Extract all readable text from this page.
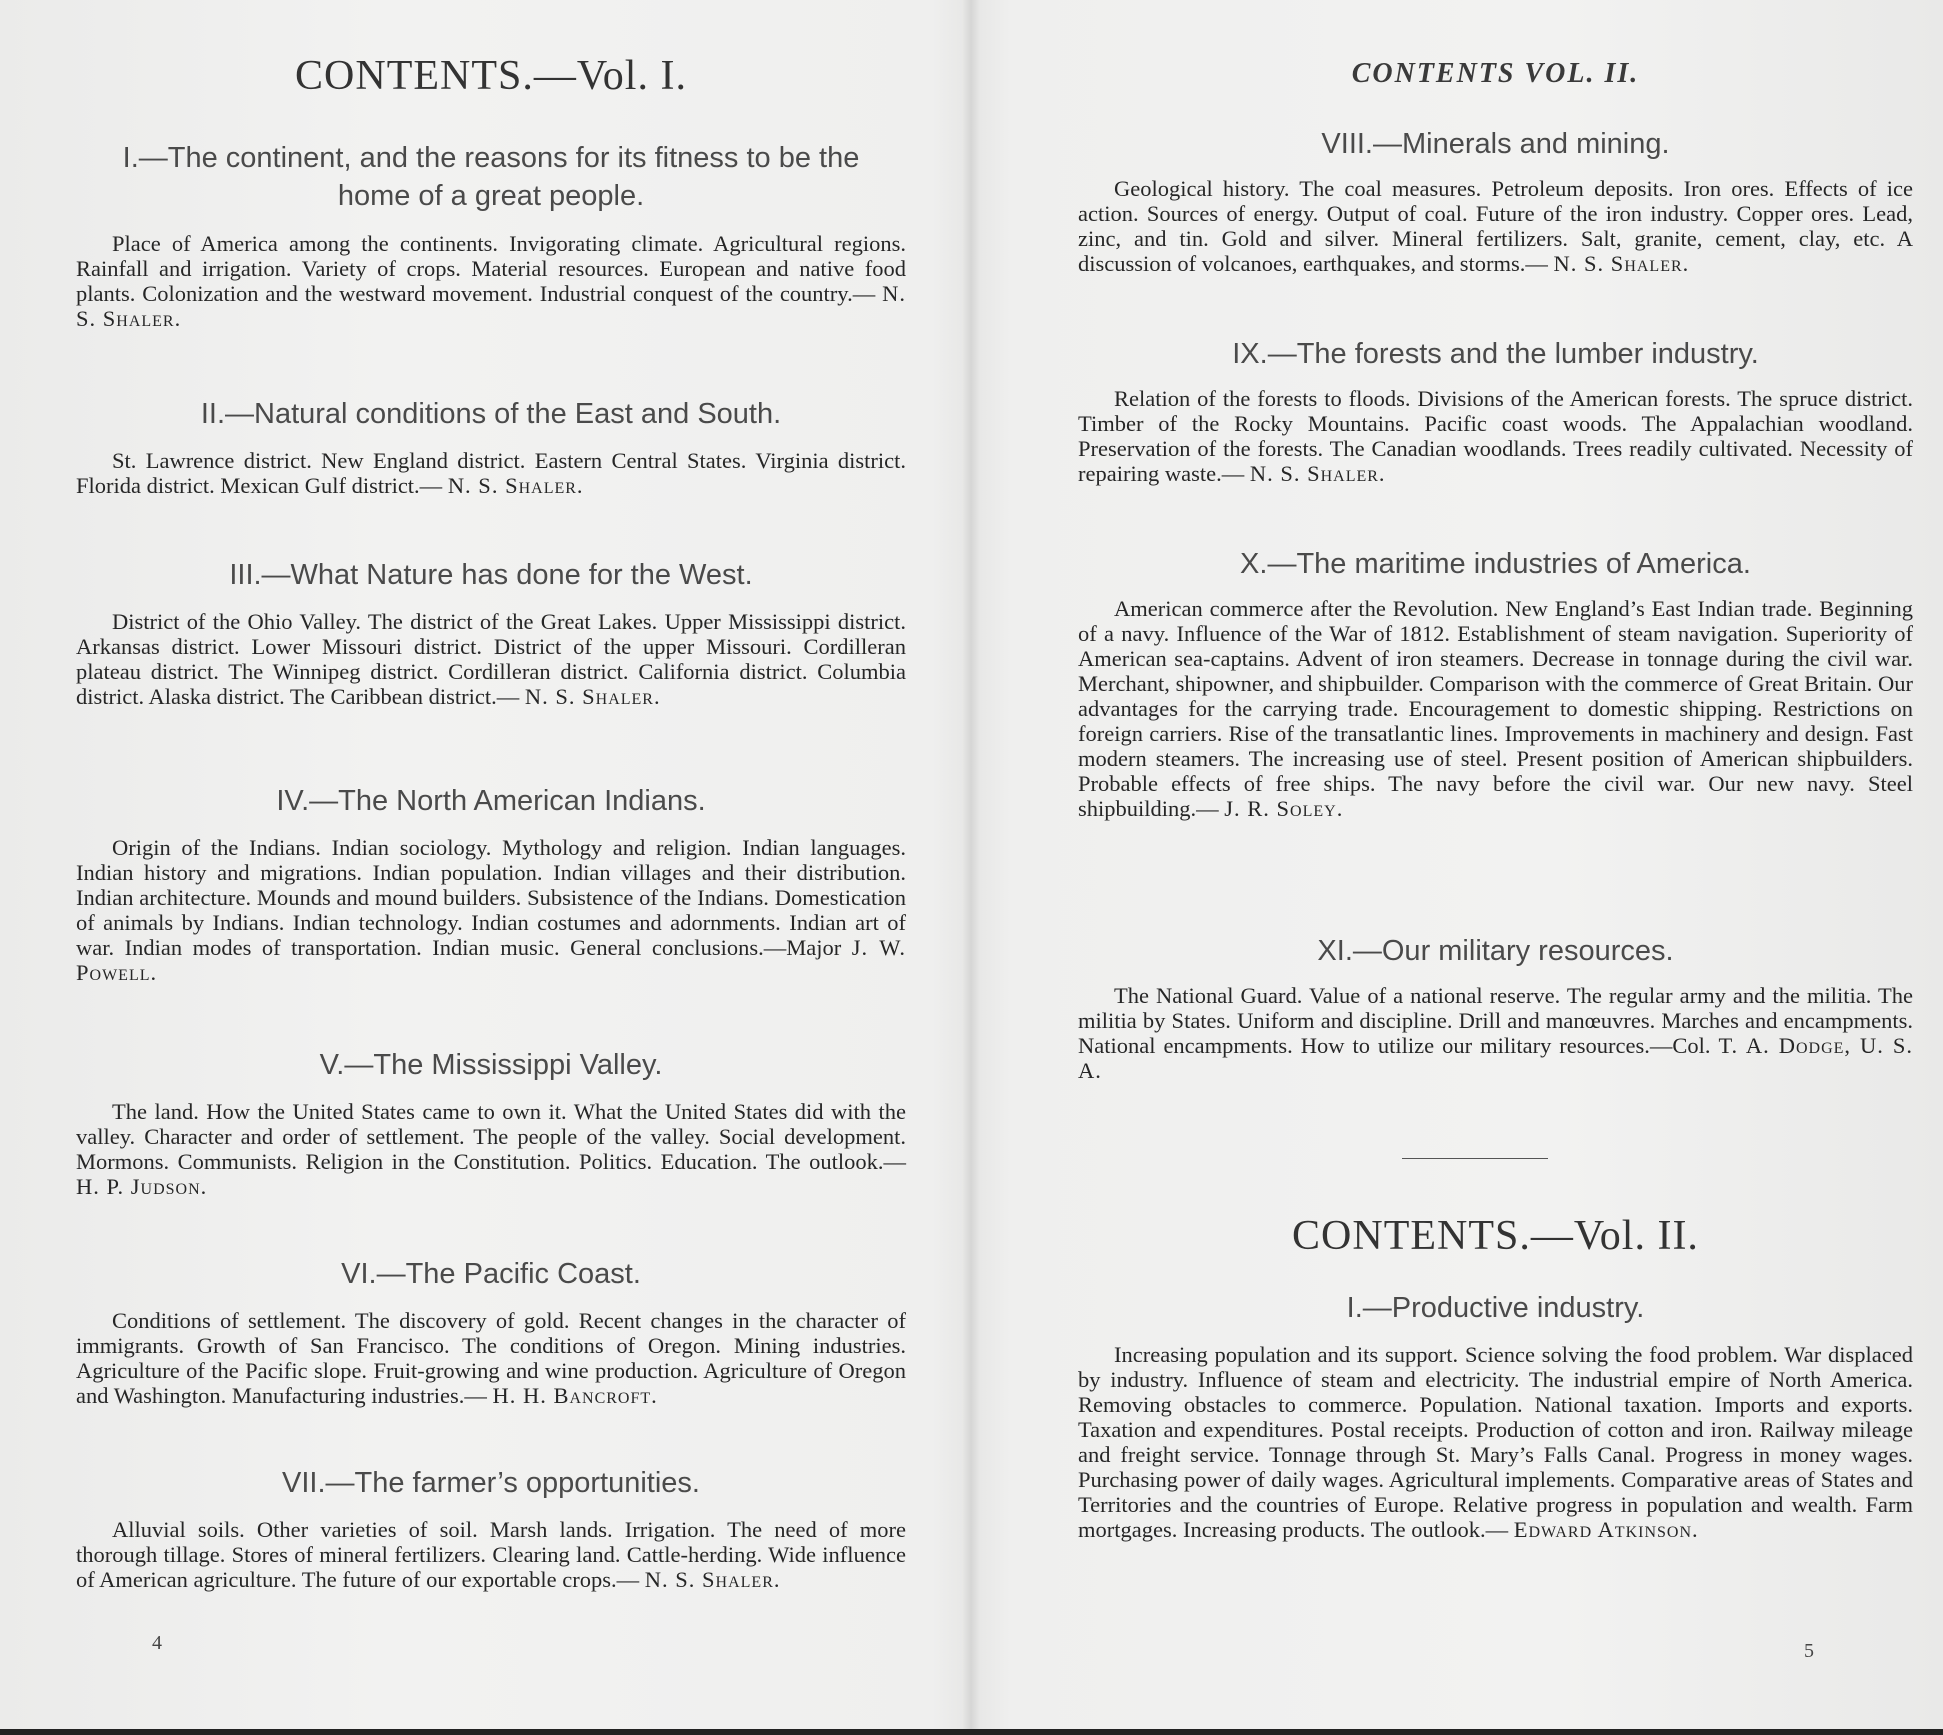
CONTENTS.—Vol. I.
I.—The continent, and the reasons for its fitness to be the home of a great people.

Place of America among the continents. Invigorating climate. Agricultural regions. Rainfall and irrigation. Variety of crops. Material resources. European and native food plants. Colonization and the westward movement. Industrial conquest of the country.— N. S. Shaler.

II.—Natural conditions of the East and South.

St. Lawrence district. New England district. Eastern Central States. Virginia district. Florida district. Mexican Gulf district.— N. S. Shaler.

III.—What Nature has done for the West.

District of the Ohio Valley. The district of the Great Lakes. Upper Mississippi district. Arkansas district. Lower Missouri district. District of the upper Missouri. Cordilleran plateau district. The Winnipeg district. Cordilleran district. California district. Columbia district. Alaska district. The Caribbean district.— N. S. Shaler.

IV.—The North American Indians.

Origin of the Indians. Indian sociology. Mythology and religion. Indian languages. Indian history and migrations. Indian population. Indian villages and their distribution. Indian architecture. Mounds and mound builders. Subsistence of the Indians. Domestication of animals by Indians. Indian technology. Indian costumes and adornments. Indian art of war. Indian modes of transportation. Indian music. General conclusions.—Major J. W. Powell.

V.—The Mississippi Valley.

The land. How the United States came to own it. What the United States did with the valley. Character and order of settlement. The people of the valley. Social development. Mormons. Communists. Religion in the Constitution. Politics. Education. The outlook.— H. P. Judson.

VI.—The Pacific Coast.

Conditions of settlement. The discovery of gold. Recent changes in the character of immigrants. Growth of San Francisco. The conditions of Oregon. Mining industries. Agriculture of the Pacific slope. Fruit-growing and wine production. Agriculture of Oregon and Washington. Manufacturing industries.— H. H. Bancroft.

VII.—The farmer’s opportunities.

Alluvial soils. Other varieties of soil. Marsh lands. Irrigation. The need of more thorough tillage. Stores of mineral fertilizers. Clearing land. Cattle-herding. Wide influence of American agriculture. The future of our exportable crops.— N. S. Shaler.

4
CONTENTS VOL. II.
VIII.—Minerals and mining.

Geological history. The coal measures. Petroleum deposits. Iron ores. Effects of ice action. Sources of energy. Output of coal. Future of the iron industry. Copper ores. Lead, zinc, and tin. Gold and silver. Mineral fertilizers. Salt, granite, cement, clay, etc. A discussion of volcanoes, earthquakes, and storms.— N. S. Shaler.

IX.—The forests and the lumber industry.

Relation of the forests to floods. Divisions of the American forests. The spruce district. Timber of the Rocky Mountains. Pacific coast woods. The Appalachian woodland. Preservation of the forests. The Canadian woodlands. Trees readily cultivated. Necessity of repairing waste.— N. S. Shaler.

X.—The maritime industries of America.

American commerce after the Revolution. New England’s East Indian trade. Beginning of a navy. Influence of the War of 1812. Establishment of steam navigation. Superiority of American sea-captains. Advent of iron steamers. Decrease in tonnage during the civil war. Merchant, shipowner, and shipbuilder. Comparison with the commerce of Great Britain. Our advantages for the carrying trade. Encouragement to domestic shipping. Restrictions on foreign carriers. Rise of the transatlantic lines. Improvements in machinery and design. Fast modern steamers. The increasing use of steel. Present position of American shipbuilders. Probable effects of free ships. The navy before the civil war. Our new navy. Steel shipbuilding.— J. R. Soley.

XI.—Our military resources.

The National Guard. Value of a national reserve. The regular army and the militia. The militia by States. Uniform and discipline. Drill and manœuvres. Marches and encampments. National encampments. How to utilize our military resources.—Col. T. A. Dodge, U. S. A.

CONTENTS.—Vol. II.
I.—Productive industry.

Increasing population and its support. Science solving the food problem. War displaced by industry. Influence of steam and electricity. The industrial empire of North America. Removing obstacles to commerce. Population. National taxation. Imports and exports. Taxation and expenditures. Postal receipts. Production of cotton and iron. Railway mileage and freight service. Tonnage through St. Mary’s Falls Canal. Progress in money wages. Purchasing power of daily wages. Agricultural implements. Comparative areas of States and Territories and the countries of Europe. Relative progress in population and wealth. Farm mortgages. Increasing products. The outlook.— Edward Atkinson.

5
